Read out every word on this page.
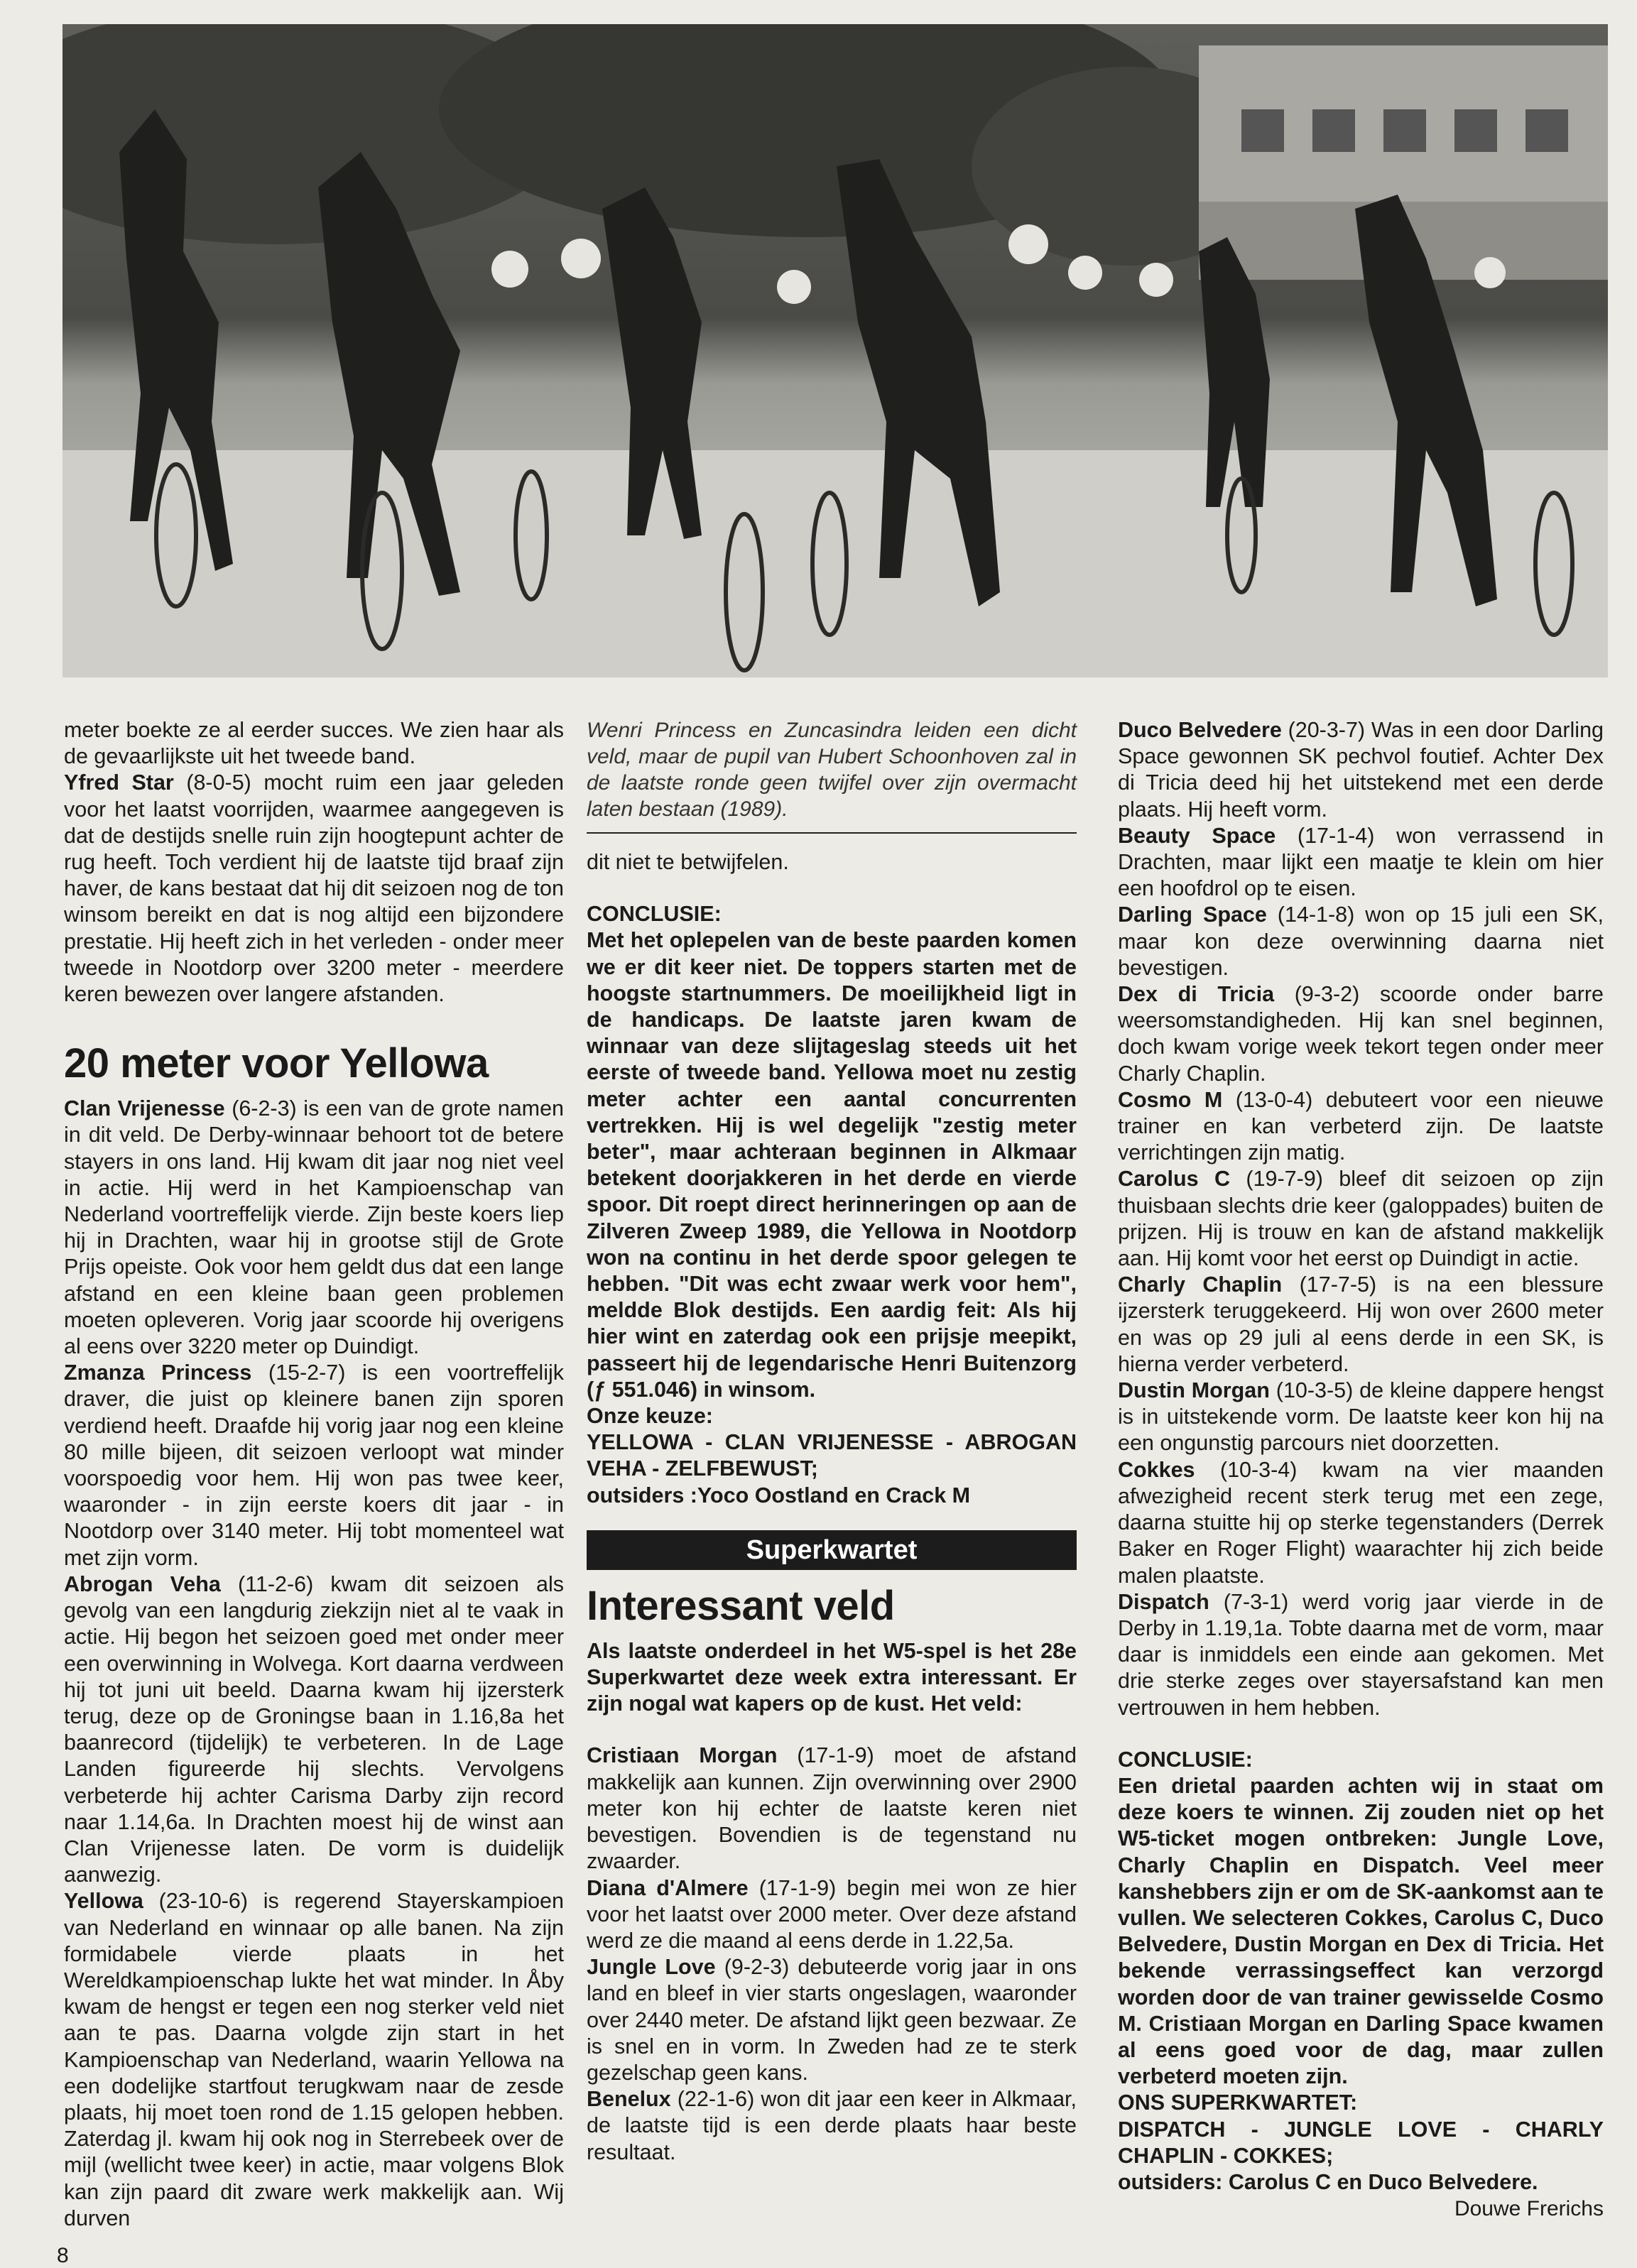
meter boekte ze al eerder succes. We zien haar als de gevaarlijkste uit het tweede band.

Yfred Star (8-0-5) mocht ruim een jaar geleden voor het laatst voorrijden, waarmee aangegeven is dat de destijds snelle ruin zijn hoogtepunt achter de rug heeft. Toch verdient hij de laatste tijd braaf zijn haver, de kans bestaat dat hij dit seizoen nog de ton winsom bereikt en dat is nog altijd een bijzondere prestatie. Hij heeft zich in het verleden - onder meer tweede in Nootdorp over 3200 meter - meerdere keren bewezen over langere afstanden.

20 meter voor Yellowa

Clan Vrijenesse (6-2-3) is een van de grote namen in dit veld. De Derby-winnaar behoort tot de betere stayers in ons land. Hij kwam dit jaar nog niet veel in actie. Hij werd in het Kampioenschap van Nederland voortreffelijk vierde. Zijn beste koers liep hij in Drachten, waar hij in grootse stijl de Grote Prijs opeiste. Ook voor hem geldt dus dat een lange afstand en een kleine baan geen problemen moeten opleveren. Vorig jaar scoorde hij overigens al eens over 3220 meter op Duindigt.

Zmanza Princess (15-2-7) is een voortreffelijk draver, die juist op kleinere banen zijn sporen verdiend heeft. Draafde hij vorig jaar nog een kleine 80 mille bijeen, dit seizoen verloopt wat minder voorspoedig voor hem. Hij won pas twee keer, waaronder - in zijn eerste koers dit jaar - in Nootdorp over 3140 meter. Hij tobt momenteel wat met zijn vorm.

Abrogan Veha (11-2-6) kwam dit seizoen als gevolg van een langdurig ziekzijn niet al te vaak in actie. Hij begon het seizoen goed met onder meer een overwinning in Wolvega. Kort daarna verdween hij tot juni uit beeld. Daarna kwam hij ijzersterk terug, deze op de Groningse baan in 1.16,8a het baanrecord (tijdelijk) te verbeteren. In de Lage Landen figureerde hij slechts. Vervolgens verbeterde hij achter Carisma Darby zijn record naar 1.14,6a. In Drachten moest hij de winst aan Clan Vrijenesse laten. De vorm is duidelijk aanwezig.

Yellowa (23-10-6) is regerend Stayerskampioen van Nederland en winnaar op alle banen. Na zijn formidabele vierde plaats in het Wereldkampioenschap lukte het wat minder. In Åby kwam de hengst er tegen een nog sterker veld niet aan te pas. Daarna volgde zijn start in het Kampioenschap van Nederland, waarin Yellowa na een dodelijke startfout terugkwam naar de zesde plaats, hij moet toen rond de 1.15 gelopen hebben. Zaterdag jl. kwam hij ook nog in Sterrebeek over de mijl (wellicht twee keer) in actie, maar volgens Blok kan zijn paard dit zware werk makkelijk aan. Wij durven

Wenri Princess en Zuncasindra leiden een dicht veld, maar de pupil van Hubert Schoonhoven zal in de laatste ronde geen twijfel over zijn overmacht laten bestaan (1989).

dit niet te betwijfelen.

CONCLUSIE:

Met het oplepelen van de beste paarden komen we er dit keer niet. De toppers starten met de hoogste startnummers. De moeilijkheid ligt in de handicaps. De laatste jaren kwam de winnaar van deze slijtageslag steeds uit het eerste of tweede band. Yellowa moet nu zestig meter achter een aantal concurrenten vertrekken. Hij is wel degelijk "zestig meter beter", maar achteraan beginnen in Alkmaar betekent doorjakkeren in het derde en vierde spoor. Dit roept direct herinneringen op aan de Zilveren Zweep 1989, die Yellowa in Nootdorp won na continu in het derde spoor gelegen te hebben. "Dit was echt zwaar werk voor hem", meldde Blok destijds. Een aardig feit: Als hij hier wint en zaterdag ook een prijsje meepikt, passeert hij de legendarische Henri Buitenzorg (ƒ 551.046) in winsom.

Onze keuze:

YELLOWA - CLAN VRIJENESSE - ABROGAN VEHA - ZELFBEWUST;

outsiders :Yoco Oostland en Crack M

Superkwartet
Interessant veld

Als laatste onderdeel in het W5-spel is het 28e Superkwartet deze week extra interessant. Er zijn nogal wat kapers op de kust. Het veld:

Cristiaan Morgan (17-1-9) moet de afstand makkelijk aan kunnen. Zijn overwinning over 2900 meter kon hij echter de laatste keren niet bevestigen. Bovendien is de tegenstand nu zwaarder.

Diana d'Almere (17-1-9) begin mei won ze hier voor het laatst over 2000 meter. Over deze afstand werd ze die maand al eens derde in 1.22,5a.

Jungle Love (9-2-3) debuteerde vorig jaar in ons land en bleef in vier starts ongeslagen, waaronder over 2440 meter. De afstand lijkt geen bezwaar. Ze is snel en in vorm. In Zweden had ze te sterk gezelschap geen kans.

Benelux (22-1-6) won dit jaar een keer in Alkmaar, de laatste tijd is een derde plaats haar beste resultaat.

Duco Belvedere (20-3-7) Was in een door Darling Space gewonnen SK pechvol foutief. Achter Dex di Tricia deed hij het uitstekend met een derde plaats. Hij heeft vorm.

Beauty Space (17-1-4) won verrassend in Drachten, maar lijkt een maatje te klein om hier een hoofdrol op te eisen.

Darling Space (14-1-8) won op 15 juli een SK, maar kon deze overwinning daarna niet bevestigen.

Dex di Tricia (9-3-2) scoorde onder barre weersomstandigheden. Hij kan snel beginnen, doch kwam vorige week tekort tegen onder meer Charly Chaplin.

Cosmo M (13-0-4) debuteert voor een nieuwe trainer en kan verbeterd zijn. De laatste verrichtingen zijn matig.

Carolus C (19-7-9) bleef dit seizoen op zijn thuisbaan slechts drie keer (galoppades) buiten de prijzen. Hij is trouw en kan de afstand makkelijk aan. Hij komt voor het eerst op Duindigt in actie.

Charly Chaplin (17-7-5) is na een blessure ijzersterk teruggekeerd. Hij won over 2600 meter en was op 29 juli al eens derde in een SK, is hierna verder verbeterd.

Dustin Morgan (10-3-5) de kleine dappere hengst is in uitstekende vorm. De laatste keer kon hij na een ongunstig parcours niet doorzetten.

Cokkes (10-3-4) kwam na vier maanden afwezigheid recent sterk terug met een zege, daarna stuitte hij op sterke tegenstanders (Derrek Baker en Roger Flight) waarachter hij zich beide malen plaatste.

Dispatch (7-3-1) werd vorig jaar vierde in de Derby in 1.19,1a. Tobte daarna met de vorm, maar daar is inmiddels een einde aan gekomen. Met drie sterke zeges over stayersafstand kan men vertrouwen in hem hebben.

CONCLUSIE:

Een drietal paarden achten wij in staat om deze koers te winnen. Zij zouden niet op het W5-ticket mogen ontbreken: Jungle Love, Charly Chaplin en Dispatch. Veel meer kanshebbers zijn er om de SK-aankomst aan te vullen. We selecteren Cokkes, Carolus C, Duco Belvedere, Dustin Morgan en Dex di Tricia. Het bekende verrassingseffect kan verzorgd worden door de van trainer gewisselde Cosmo M. Cristiaan Morgan en Darling Space kwamen al eens goed voor de dag, maar zullen verbeterd moeten zijn.

ONS SUPERKWARTET:

DISPATCH - JUNGLE LOVE - CHARLY CHAPLIN - COKKES;

outsiders: Carolus C en Duco Belvedere.

Douwe Frerichs

8
